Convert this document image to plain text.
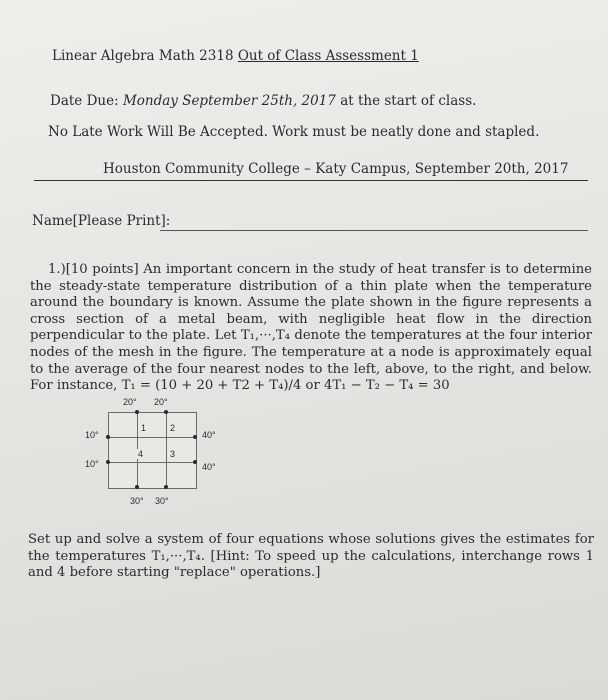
Linear Algebra Math 2318 Out of Class Assessment 1
Date Due: Monday September 25th, 2017 at the start of class.
No Late Work Will Be Accepted. Work must be neatly done and stapled.
Houston Community College – Katy Campus, September 20th, 2017
Name[Please Print]:
1.)[10 points] An important concern in the study of heat transfer is to determine the steady-state temperature distribution of a thin plate when the temperature around the boundary is known. Assume the plate shown in the figure represents a cross section of a metal beam, with negligible heat flow in the direction perpendicular to the plate. Let T₁,···,T₄ denote the temperatures at the four interior nodes of the mesh in the figure. The temperature at a node is approximately equal to the average of the four nearest nodes to the left, above, to the right, and below. For instance, T₁ = (10 + 20 + T2 + T₄)/4 or 4T₁ − T₂ − T₄ = 30
20° 20°
10°
10°
40°
40°
30° 30°
1	2
3
4
Set up and solve a system of four equations whose solutions gives the estimates for the temperatures T₁,···,T₄. [Hint: To speed up the calculations, interchange rows 1 and 4 before starting "replace" operations.]
